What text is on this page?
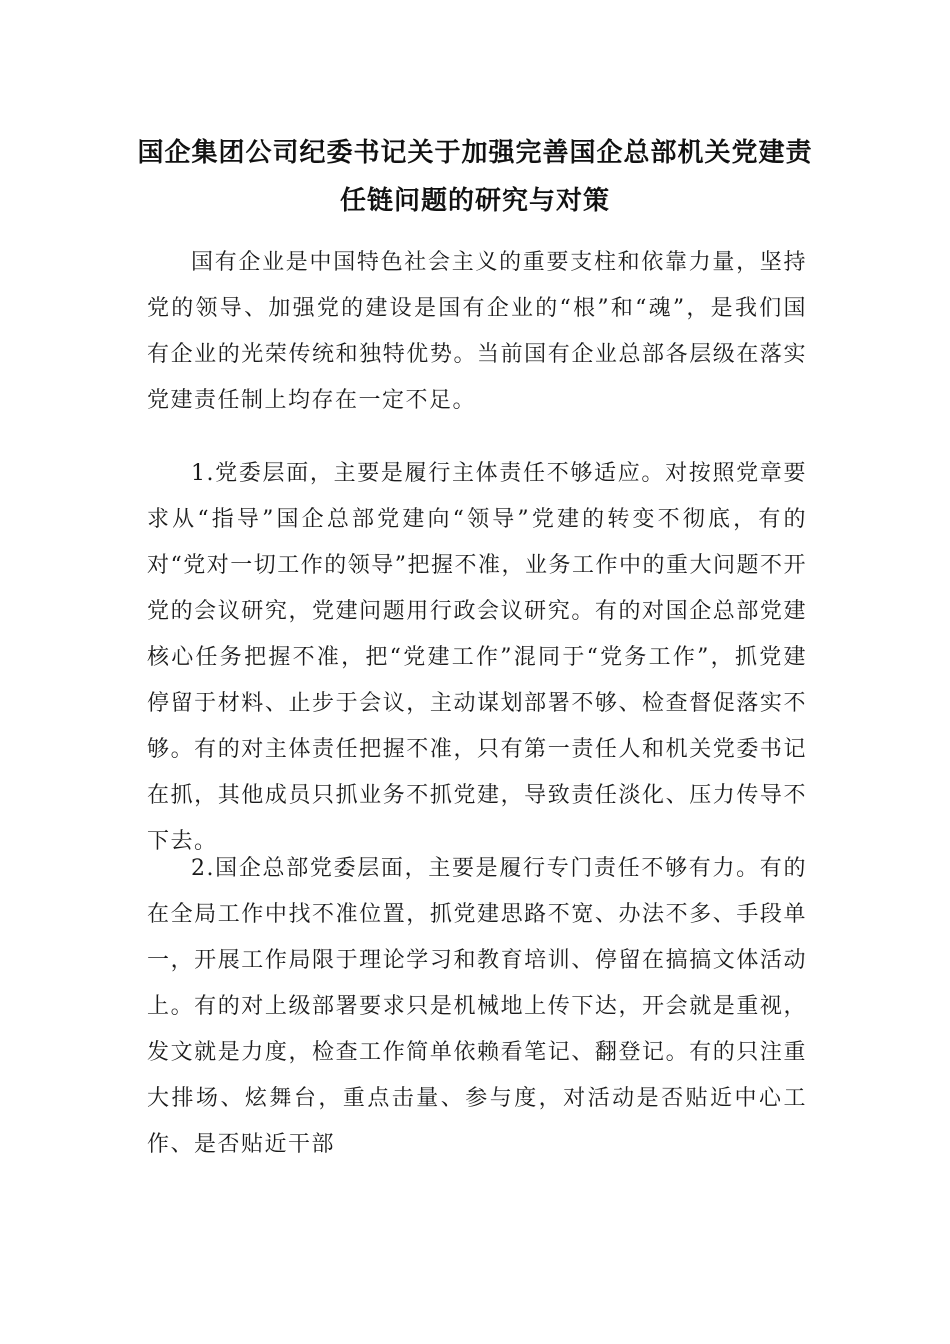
国企集团公司纪委书记关于加强完善国企总部机关党建责
任链问题的研究与对策

国有企业是中国特色社会主义的重要支柱和依靠力量，坚持党的领导、加强党的建设是国有企业的“根”和“魂”，是我们国有企业的光荣传统和独特优势。当前国有企业总部各层级在落实党建责任制上均存在一定不足。

1.党委层面，主要是履行主体责任不够适应。对按照党章要求从“指导”国企总部党建向“领导”党建的转变不彻底，有的对“党对一切工作的领导”把握不准，业务工作中的重大问题不开党的会议研究，党建问题用行政会议研究。有的对国企总部党建核心任务把握不准，把“党建工作”混同于“党务工作”，抓党建停留于材料、止步于会议，主动谋划部署不够、检查督促落实不够。有的对主体责任把握不准，只有第一责任人和机关党委书记在抓，其他成员只抓业务不抓党建，导致责任淡化、压力传导不下去。

2.国企总部党委层面，主要是履行专门责任不够有力。有的在全局工作中找不准位置，抓党建思路不宽、办法不多、手段单一，开展工作局限于理论学习和教育培训、停留在搞搞文体活动上。有的对上级部署要求只是机械地上传下达，开会就是重视，发文就是力度，检查工作简单依赖看笔记、翻登记。有的只注重大排场、炫舞台，重点击量、参与度，对活动是否贴近中心工作、是否贴近干部
